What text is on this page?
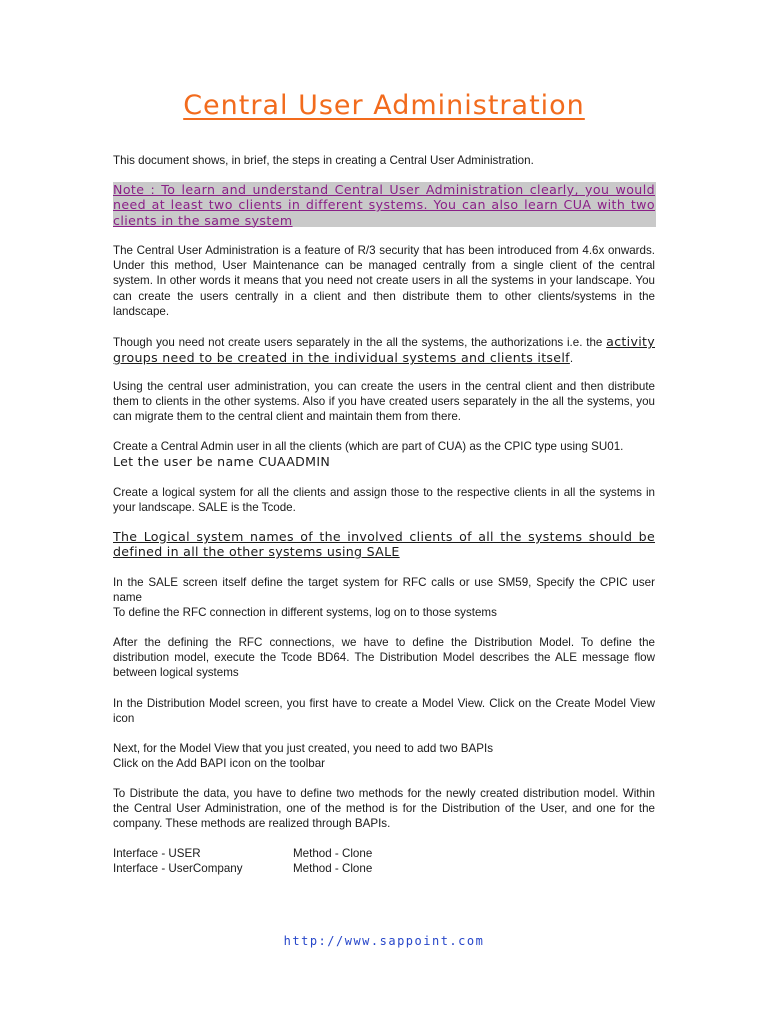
Central User Administration

This document shows, in brief, the steps in creating a Central User Administration.

Note : To learn and understand Central User Administration clearly, you would need at least two clients in different systems. You can also learn CUA with two clients in the same system

The Central User Administration is a feature of R/3 security that has been introduced from 4.6x onwards. Under this method, User Maintenance can be managed centrally from a single client of the central system. In other words it means that you need not create users in all the systems in your landscape. You can create the users centrally in a client and then distribute them to other clients/systems in the landscape.

Though you need not create users separately in the all the systems, the authorizations i.e. the activity groups need to be created in the individual systems and clients itself.

Using the central user administration, you can create the users in the central client and then distribute them to clients in the other systems. Also if you have created users separately in the all the systems, you can migrate them to the central client and maintain them from there.

Create a Central Admin user in all the clients (which are part of CUA) as the CPIC type using SU01.
Let the user be name CUAADMIN

Create a logical system for all the clients and assign those to the respective clients in all the systems in your landscape. SALE is the Tcode.

The Logical system names of the involved clients of all the systems should be defined in all the other systems using SALE

In the SALE screen itself define the target system for RFC calls or use SM59, Specify the CPIC user name
To define the RFC connection in different systems, log on to those systems

After the defining the RFC connections, we have to define the Distribution Model. To define the distribution model, execute the Tcode BD64. The Distribution Model describes the ALE message flow between logical systems

In the Distribution Model screen, you first have to create a Model View. Click on the Create Model View icon

Next, for the Model View that you just created, you need to add two BAPIs
Click on the Add BAPI icon on the toolbar

To Distribute the data, you have to define two methods for the newly created distribution model. Within the Central User Administration, one of the method is for the Distribution of the User, and one for the company. These methods are realized through BAPIs.

Interface - USER	Method - Clone
Interface - UserCompany	Method - Clone
http://www.sappoint.com
